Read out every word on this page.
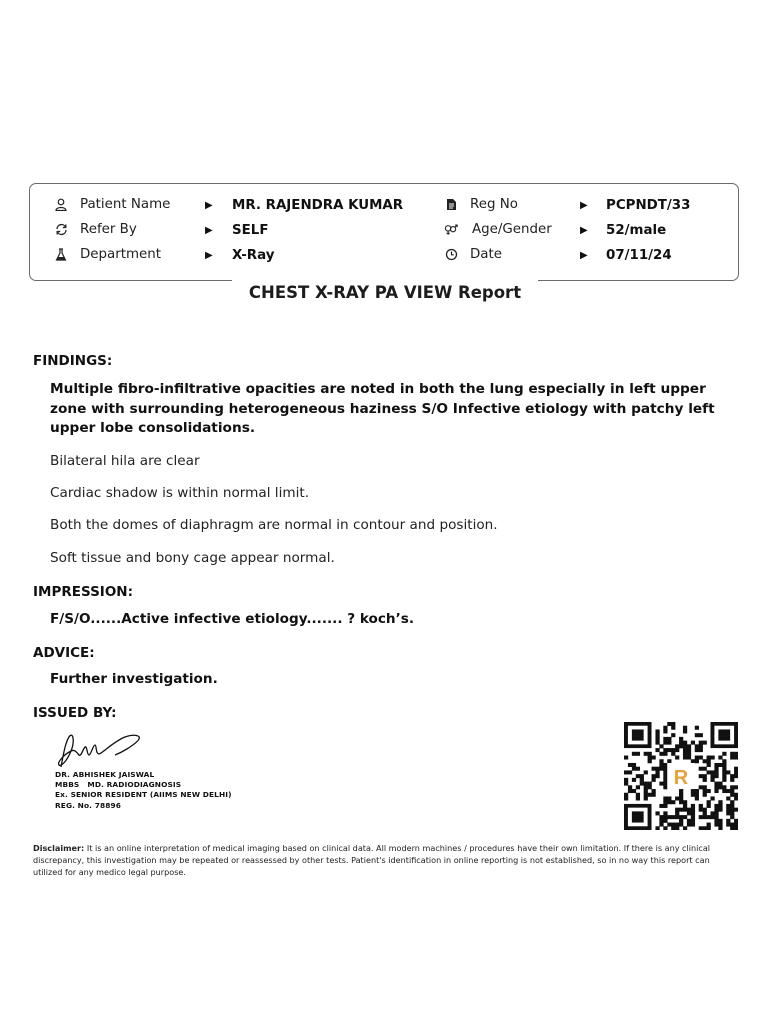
Patient Name	▶ MR. RAJENDRA KUMAR	Reg No	▶ PCPNDT/33
Refer By	▶ SELF	Age/Gender	▶ 52/male
Department	▶ X-Ray	Date	▶ 07/11/24
CHEST X-RAY PA VIEW Report
FINDINGS:
Multiple fibro-infiltrative opacities are noted in both the lung especially in left upper zone with surrounding heterogeneous haziness S/O Infective etiology with patchy left upper lobe consolidations.
Bilateral hila are clear
Cardiac shadow is within normal limit.
Both the domes of diaphragm are normal in contour and position.
Soft tissue and bony cage appear normal.
IMPRESSION:
F/S/O......Active infective etiology....... ? koch’s.
ADVICE:
Further investigation.
ISSUED BY:
DR. ABHISHEK JAISWAL
MBBS MD. RADIODIAGNOSIS
Ex. SENIOR RESIDENT (AIIMS NEW DELHI)
REG. No. 78896
R
Disclaimer: It is an online interpretation of medical imaging based on clinical data. All modern machines / procedures have their own limitation. If there is any clinical discrepancy, this investigation may be repeated or reassessed by other tests. Patient's identification in online reporting is not established, so in no way this report can utilized for any medico legal purpose.
